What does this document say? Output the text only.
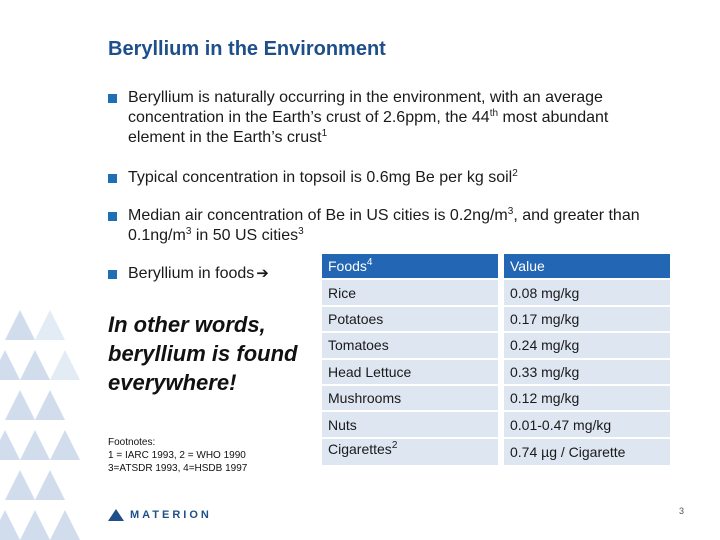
Beryllium in the Environment
Beryllium is naturally occurring in the environment, with an average concentration in the Earth’s crust of 2.6ppm, the 44th most abundant element in the Earth’s crust$^1$
Typical concentration in topsoil is 0.6mg Be per kg soil$^2$
Median air concentration of Be in US cities is $0.2ng/m^3$, and greater than $0.1ng/m^3$ in 50 US cities$^3$
Beryllium in foods ➔
In other words, beryllium is found everywhere!
Footnotes:
1 = IARC 1993, 2 = WHO 1990
3=ATSDR 1993, 4=HSDB 1997
Foods$^4$	Value
Rice	0.08 mg/kg
Potatoes	0.17 mg/kg
Tomatoes	0.24 mg/kg
Head Lettuce	0.33 mg/kg
Mushrooms	0.12 mg/kg
Nuts	0.01-0.47 mg/kg
Cigarettes$^2$	0.74 µg / Cigarette
MATERION	3
